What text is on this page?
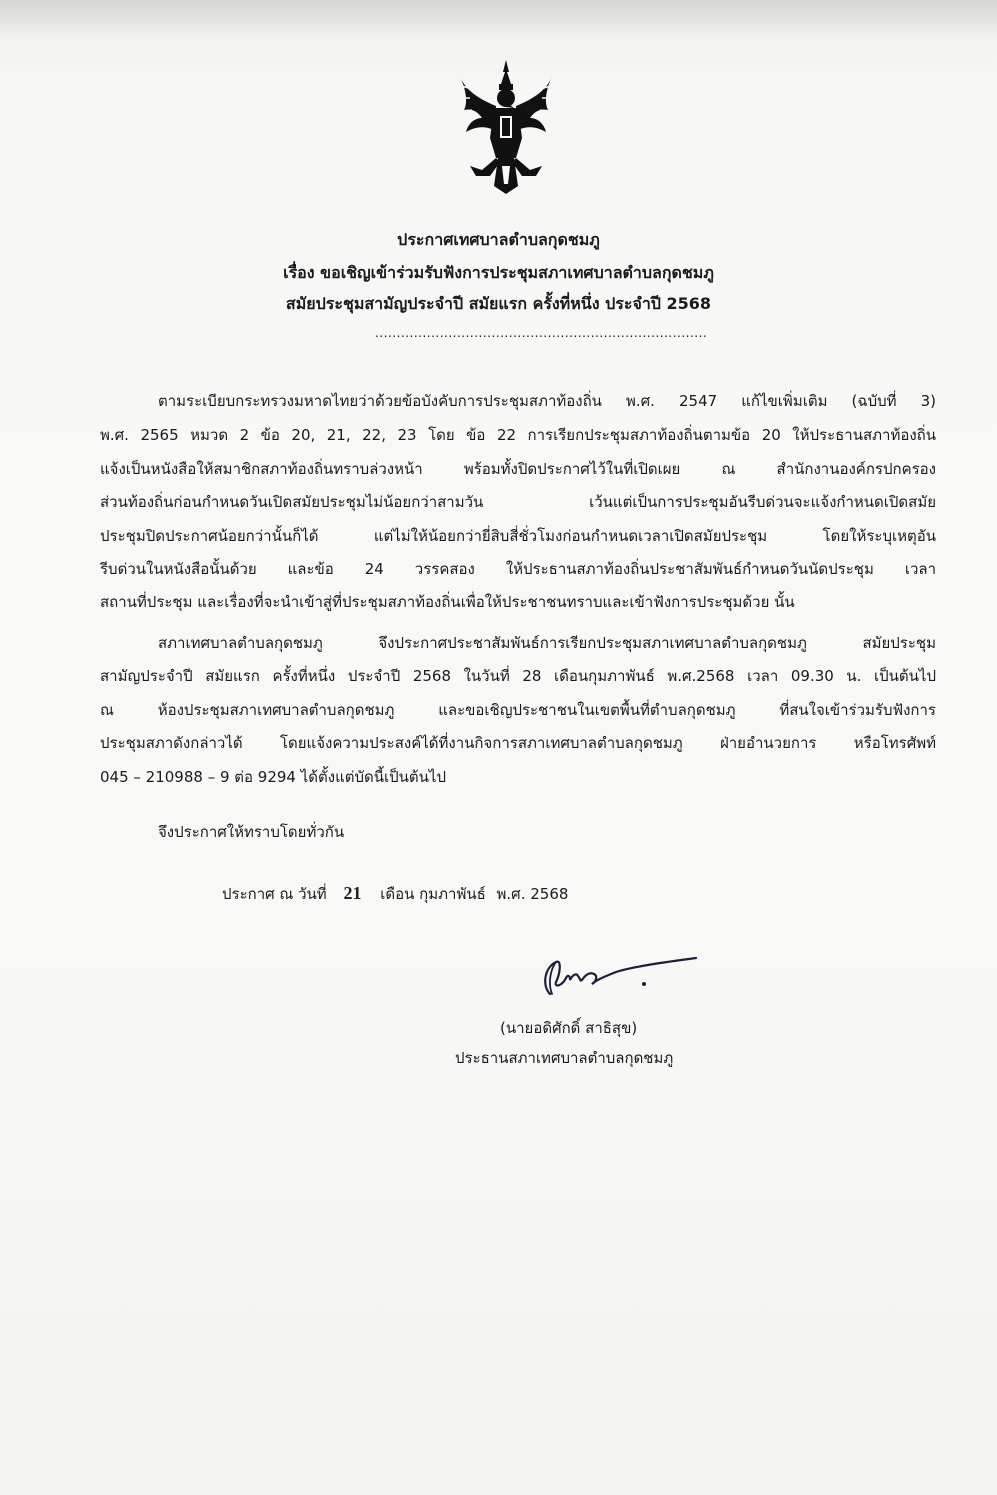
ประกาศเทศบาลตำบลกุดชมภู
เรื่อง ขอเชิญเข้าร่วมรับฟังการประชุมสภาเทศบาลตำบลกุดชมภู
สมัยประชุมสามัญประจำปี สมัยแรก ครั้งที่หนึ่ง ประจำปี 2568
.............................................................................
ตามระเบียบกระทรวงมหาดไทยว่าด้วยข้อบังคับการประชุมสภาท้องถิ่น พ.ศ. 2547 แก้ไขเพิ่มเติม (ฉบับที่ 3)
พ.ศ. 2565 หมวด 2 ข้อ 20, 21, 22, 23 โดย ข้อ 22 การเรียกประชุมสภาท้องถิ่นตามข้อ 20 ให้ประธานสภาท้องถิ่น
แจ้งเป็นหนังสือให้สมาชิกสภาท้องถิ่นทราบล่วงหน้า พร้อมทั้งปิดประกาศไว้ในที่เปิดเผย ณ สำนักงานองค์กรปกครอง
ส่วนท้องถิ่นก่อนกำหนดวันเปิดสมัยประชุมไม่น้อยกว่าสามวัน เว้นแต่เป็นการประชุมอันรีบด่วนจะแจ้งกำหนดเปิดสมัย
ประชุมปิดประกาศน้อยกว่านั้นก็ได้ แต่ไม่ให้น้อยกว่ายี่สิบสี่ชั่วโมงก่อนกำหนดเวลาเปิดสมัยประชุม โดยให้ระบุเหตุอัน
รีบด่วนในหนังสือนั้นด้วย และข้อ 24 วรรคสอง ให้ประธานสภาท้องถิ่นประชาสัมพันธ์กำหนดวันนัดประชุม เวลา
สถานที่ประชุม และเรื่องที่จะนำเข้าสู่ที่ประชุมสภาท้องถิ่นเพื่อให้ประชาชนทราบและเข้าฟังการประชุมด้วย นั้น
สภาเทศบาลตำบลกุดชมภู จึงประกาศประชาสัมพันธ์การเรียกประชุมสภาเทศบาลตำบลกุดชมภู สมัยประชุม
สามัญประจำปี สมัยแรก ครั้งที่หนึ่ง ประจำปี 2568 ในวันที่ 28 เดือนกุมภาพันธ์ พ.ศ.2568 เวลา 09.30 น. เป็นต้นไป
ณ ห้องประชุมสภาเทศบาลตำบลกุดชมภู และขอเชิญประชาชนในเขตพื้นที่ตำบลกุดชมภู ที่สนใจเข้าร่วมรับฟังการ
ประชุมสภาดังกล่าวได้ โดยแจ้งความประสงค์ได้ที่งานกิจการสภาเทศบาลตำบลกุดชมภู ฝ่ายอำนวยการ หรือโทรศัพท์
045 – 210988 – 9 ต่อ 9294 ได้ตั้งแต่บัดนี้เป็นต้นไป
จึงประกาศให้ทราบโดยทั่วกัน
ประกาศ ณ วันที่ 21 เดือน กุมภาพันธ์ พ.ศ. 2568
(นายอดิศักดิ์ สาธิสุข)
ประธานสภาเทศบาลตำบลกุดชมภู
